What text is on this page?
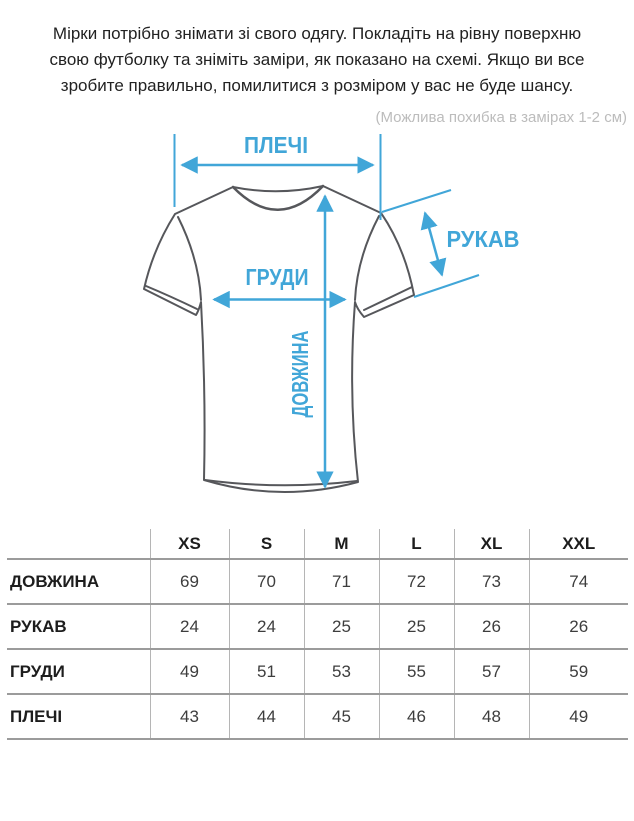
Мірки потрібно знімати зі свого одягу. Покладіть на рівну поверхню свою футболку та зніміть заміри, як показано на схемі. Якщо ви все зробите правильно, помилитися з розміром у вас не буде шансу.

(Можлива похибка в замірах 1-2 см)
ПЛЕЧІ
ГРУДИ
РУКАВ
ДОВЖИНА
	XS	S	M	L	XL	XXL
ДОВЖИНА	69	70	71	72	73	74
РУКАВ	24	24	25	25	26	26
ГРУДИ	49	51	53	55	57	59
ПЛЕЧІ	43	44	45	46	48	49
